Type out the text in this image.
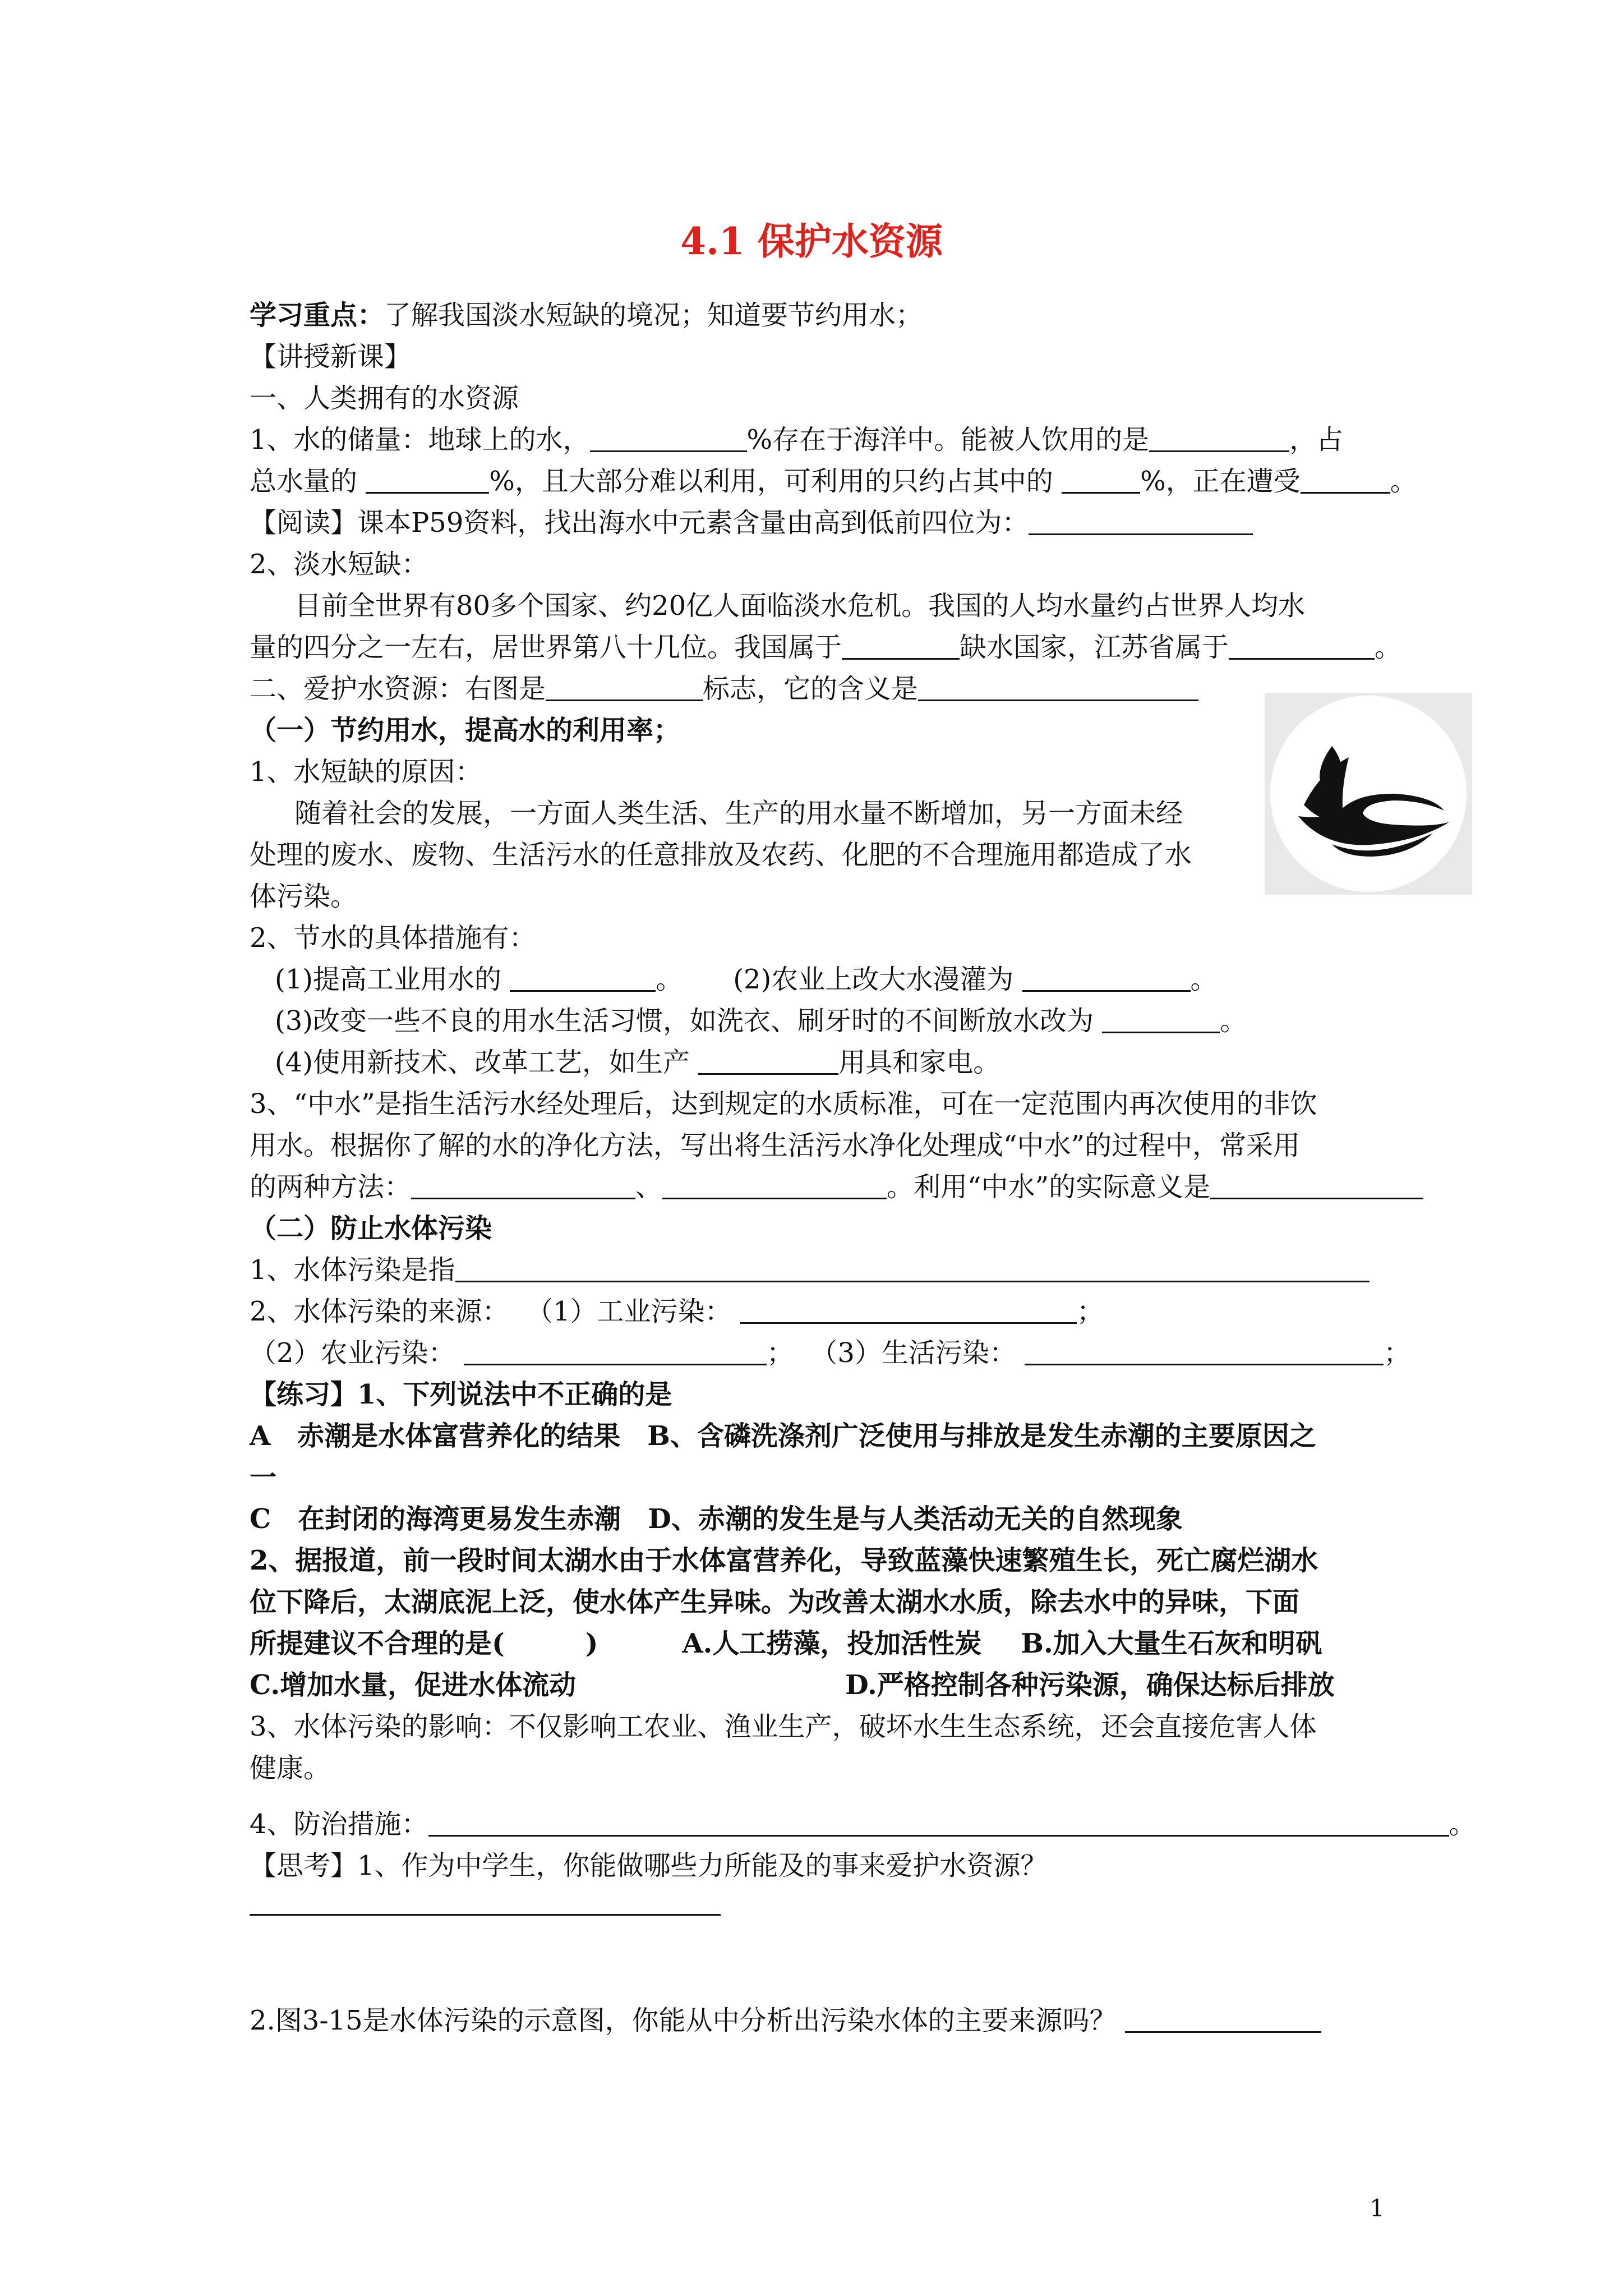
4.1 保护水资源
学习重点：了解我国淡水短缺的境况；知道要节约用水；
【讲授新课】
一、人类拥有的水资源
1、水的储量：地球上的水，	%存在于海洋中。能被人饮用的是	，占
总水量的	%，且大部分难以利用，可利用的只约占其中的	%，正在遭受	。
【阅读】课本P59资料，找出海水中元素含量由高到低前四位为：
2、淡水短缺：
目前全世界有80多个国家、约20亿人面临淡水危机。我国的人均水量约占世界人均水
量的四分之一左右，居世界第八十几位。我国属于	缺水国家，江苏省属于	。
二、爱护水资源：右图是	标志，它的含义是
（一）节约用水，提高水的利用率；
1、水短缺的原因：
随着社会的发展，一方面人类生活、生产的用水量不断增加，另一方面未经
处理的废水、废物、生活污水的任意排放及农药、化肥的不合理施用都造成了水
体污染。
2、节水的具体措施有：
(1)提高工业用水的	。 (2)农业上改大水漫灌为	。
(3)改变一些不良的用水生活习惯，如洗衣、刷牙时的不间断放水改为	。
(4)使用新技术、改革工艺，如生产	用具和家电。
3、“中水”是指生活污水经处理后，达到规定的水质标准，可在一定范围内再次使用的非饮
用水。根据你了解的水的净化方法，写出将生活污水净化处理成“中水”的过程中，常采用
的两种方法：	、	。利用“中水”的实际意义是
（二）防止水体污染
1、水体污染是指
2、水体污染的来源： （1）工业污染：	；
（2）农业污染：	； （3）生活污染：	；
【练习】1、下列说法中不正确的是
A　赤潮是水体富营养化的结果　B、含磷洗涤剂广泛使用与排放是发生赤潮的主要原因之
一
C　在封闭的海湾更易发生赤潮　D、赤潮的发生是与人类活动无关的自然现象
2、据报道，前一段时间太湖水由于水体富营养化，导致蓝藻快速繁殖生长，死亡腐烂湖水
位下降后，太湖底泥上泛，使水体产生异味。为改善太湖水水质，除去水中的异味，下面
所提建议不合理的是(　　　)	A.人工捞藻，投加活性炭 B.加入大量生石灰和明矾
C.增加水量，促进水体流动	D.严格控制各种污染源，确保达标后排放
3、水体污染的影响：不仅影响工农业、渔业生产，破坏水生生态系统，还会直接危害人体
健康。
4、防治措施：	。
【思考】1、作为中学生，你能做哪些力所能及的事来爱护水资源？
2.图3-15是水体污染的示意图，你能从中分析出污染水体的主要来源吗？
1
